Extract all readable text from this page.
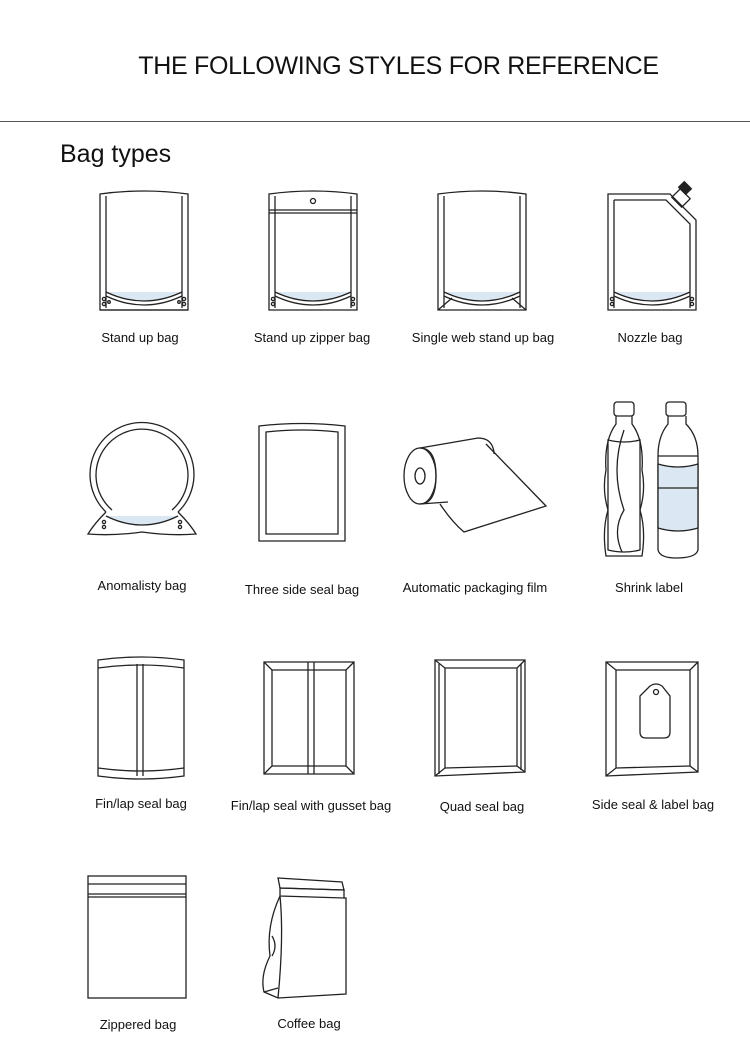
THE FOLLOWING STYLES FOR REFERENCE
Bag types
Stand up bag	Stand up zipper bag	Single web stand up bag	Nozzle bag
Anomalisty bag	Three side seal bag	Automatic packaging film	Shrink label
Fin/lap seal bag	Fin/lap seal with gusset bag	Quad seal bag	Side seal & label bag
Zippered bag	Coffee bag
